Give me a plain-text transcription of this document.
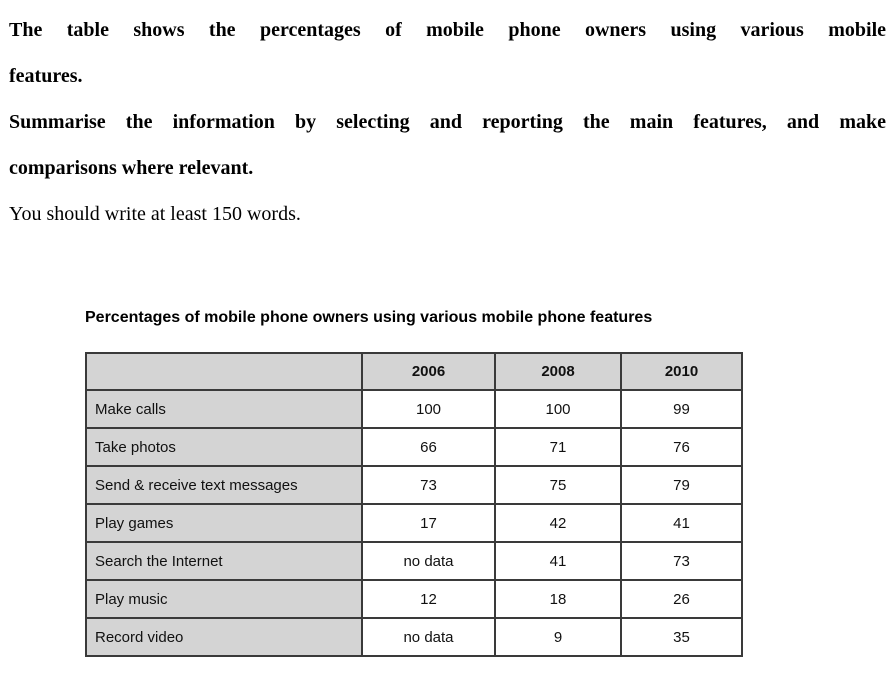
The table shows the percentages of mobile phone owners using various mobile
features.
Summarise the information by selecting and reporting the main features, and make
comparisons where relevant.
You should write at least 150 words.
Percentages of mobile phone owners using various mobile phone features
	2006	2008	2010
Make calls	100	100	99
Take photos	66	71	76
Send & receive text messages	73	75	79
Play games	17	42	41
Search the Internet	no data	41	73
Play music	12	18	26
Record video	no data	9	35
